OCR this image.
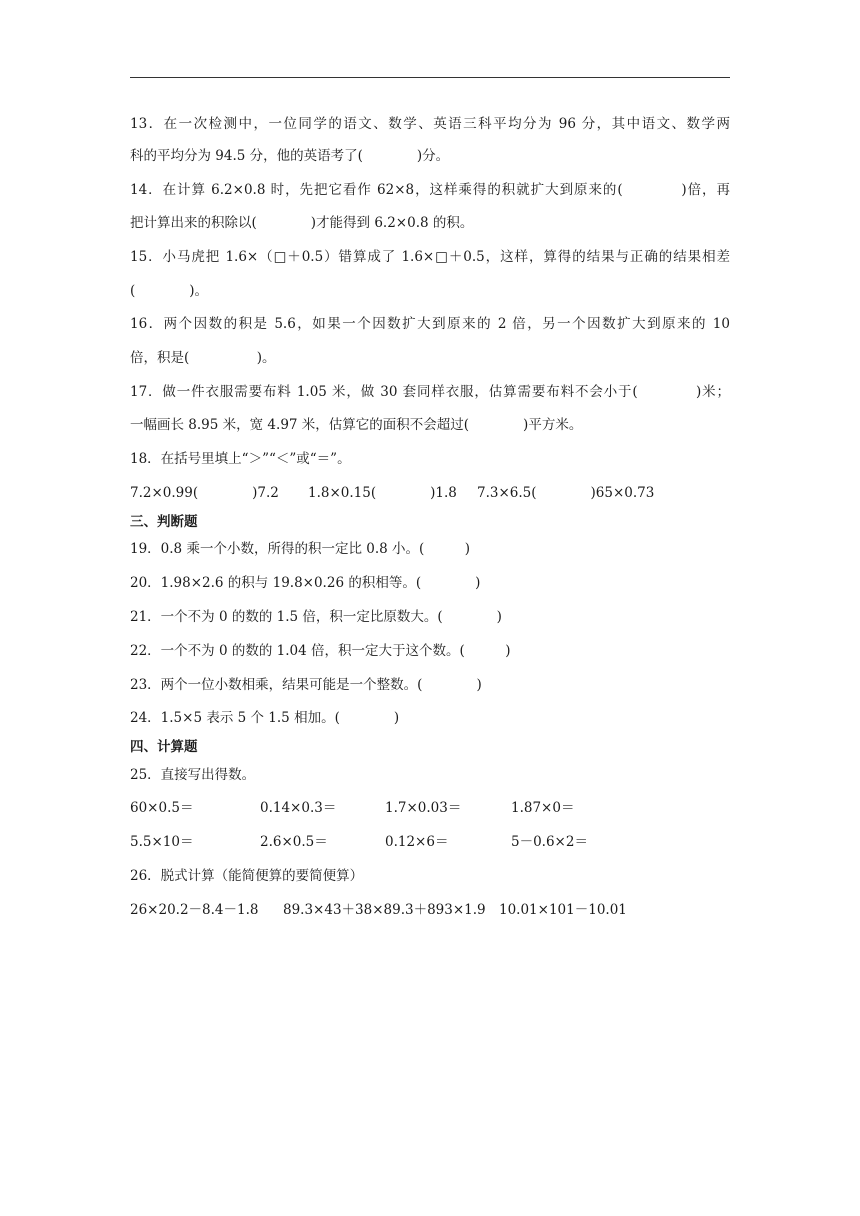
13．在一次检测中，一位同学的语文、数学、英语三科平均分为 96 分，其中语文、数学两
科的平均分为 94.5 分，他的英语考了(　　　　)分。
14．在计算 6.2×0.8 时，先把它看作 62×8，这样乘得的积就扩大到原来的(　　　　)倍，再
把计算出来的积除以(　　　　)才能得到 6.2×0.8 的积。
15．小马虎把 1.6×（□＋0.5）错算成了 1.6×□＋0.5，这样，算得的结果与正确的结果相差
(　　　　)。
16．两个因数的积是 5.6，如果一个因数扩大到原来的 2 倍，另一个因数扩大到原来的 10
倍，积是(　　　　　)。
17．做一件衣服需要布料 1.05 米，做 30 套同样衣服，估算需要布料不会小于(　　　　)米；
一幅画长 8.95 米，宽 4.97 米，估算它的面积不会超过(　　　　)平方米。
18．在括号里填上“＞”“＜”或“＝”。
7.2×0.99(　　　　)7.2 1.8×0.15(　　　　)1.8 7.3×6.5(　　　　)65×0.73
三、判断题
19．0.8 乘一个小数，所得的积一定比 0.8 小。(　　　)
20．1.98×2.6 的积与 19.8×0.26 的积相等。(　　　　)
21．一个不为 0 的数的 1.5 倍，积一定比原数大。(　　　　)
22．一个不为 0 的数的 1.04 倍，积一定大于这个数。(　　　)
23．两个一位小数相乘，结果可能是一个整数。(　　　　)
24．1.5×5 表示 5 个 1.5 相加。(　　　　)
四、计算题
25．直接写出得数。
60×0.5＝	0.14×0.3＝	1.7×0.03＝	1.87×0＝
5.5×10＝	2.6×0.5＝	0.12×6＝	5－0.6×2＝
26．脱式计算（能简便算的要简便算）
26×20.2－8.4－1.8 89.3×43＋38×89.3＋893×1.9 10.01×101－10.01
